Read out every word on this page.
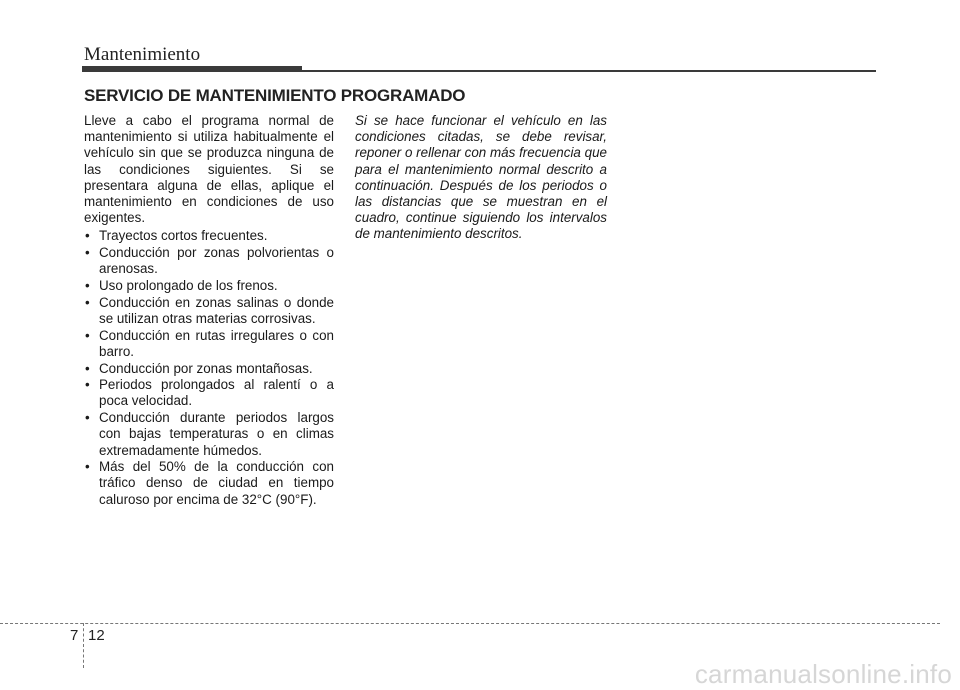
Mantenimiento
SERVICIO DE MANTENIMIENTO PROGRAMADO

Lleve a cabo el programa normal de mantenimiento si utiliza habitualmente el vehículo sin que se produzca ninguna de las condiciones siguientes. Si se presentara alguna de ellas, aplique el mantenimiento en condiciones de uso exigentes.

• Trayectos cortos frecuentes.
• Conducción por zonas polvorientas o arenosas.
• Uso prolongado de los frenos.
• Conducción en zonas salinas o donde se utilizan otras materias corrosivas.
• Conducción en rutas irregulares o con barro.
• Conducción por zonas montañosas.
• Periodos prolongados al ralentí o a poca velocidad.
• Conducción durante periodos largos con bajas temperaturas o en climas extremadamente húmedos.
• Más del 50% de la conducción con tráfico denso de ciudad en tiempo caluroso por encima de 32°C (90°F).

Si se hace funcionar el vehículo en las condiciones citadas, se debe revisar, reponer o rellenar con más frecuencia que para el mantenimiento normal descrito a continuación. Después de los periodos o las distancias que se muestran en el cuadro, continue siguiendo los intervalos de mantenimiento descritos.

7 12
carmanualsonline.info
